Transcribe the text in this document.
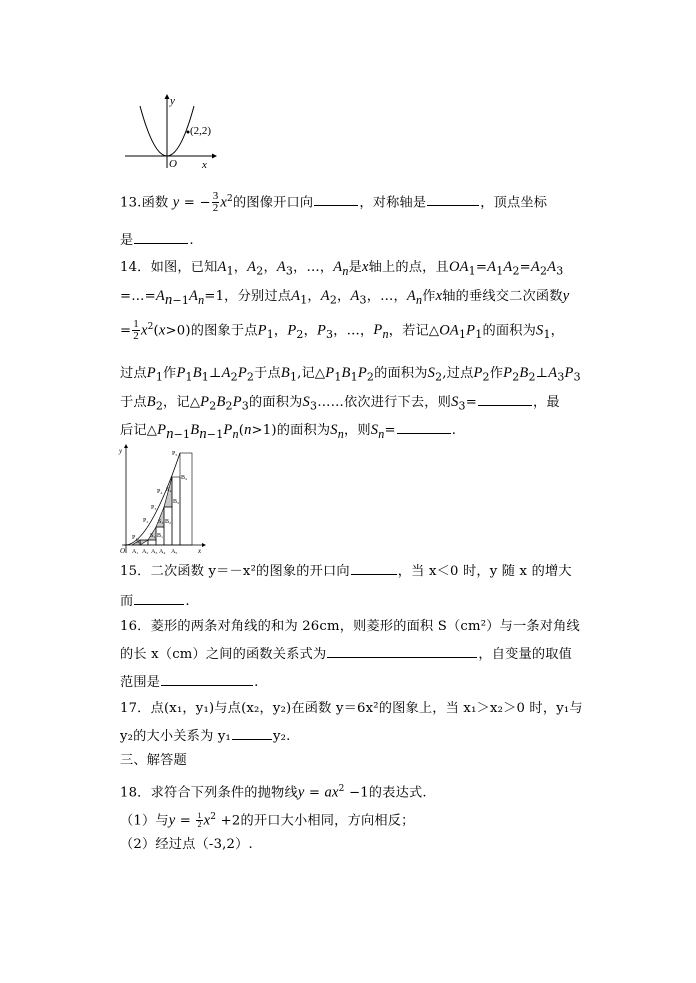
y
x
O
(2,2)
13.函数 y = − $\frac{3}{2} x^2$的图像开口向	，对称轴是	，顶点坐标
是	.
14．如图，已知$A_1$，$A_2$，$A_3$，…，$A_n$是x轴上的点，且$OA_1=A_1A_2=A_2A_3$
$=\dots=A_{n-1}A_n=1$，分别过点$A_1$，$A_2$，$A_3$，…，$A_n$作x轴的垂线交二次函数y
= $\frac{1}{2} x^2(x>0)$的图象于点$P_1$，$P_2$，$P_3$，…，$P_n$，若记$\triangle OA_1P_1$的面积为$S_1$，
过点$P_1$作$P_1B_1\perp A_2P_2$于点$B_1$,记$\triangle P_1B_1P_2$的面积为$S_2$,过点$P_2$作$P_2B_2\perp A_3P_3$
于点$B_2$，记$\triangle P_2B_2P_3$的面积为$S_3\dots\dots$依次进行下去，则$S_3=$	，最
后记$\triangle P_{n-1}B_{n-1}P_n(n>1)$的面积为$S_n$，则$S_n=$	.
y
x
O A₁ A₂ A₃ A₄ A₅
P₁
P₂
P₃
P₄
P₅
S₁
S₂
S₃
S₄
B₁
B₂
B₃
B₄
15．二次函数 y＝－x²的图象的开口向	，当 x＜0 时，y 随 x 的增大
而	.
16．菱形的两条对角线的和为 26cm，则菱形的面积 S（cm²）与一条对角线
的长 x（cm）之间的函数关系式为	，自变量的取值
范围是	.
17．点(x₁，y₁)与点(x₂，y₂)在函数 y＝6x²的图象上，当 x₁＞x₂＞0 时，y₁与
y₂的大小关系为 y₁	y₂.
三、解答题
18．求符合下列条件的抛物线$y = ax^2 -1$的表达式.
（1）与$y = \frac{1}{2} x^2 +2$的开口大小相同，方向相反；
（2）经过点（-3,2）.
